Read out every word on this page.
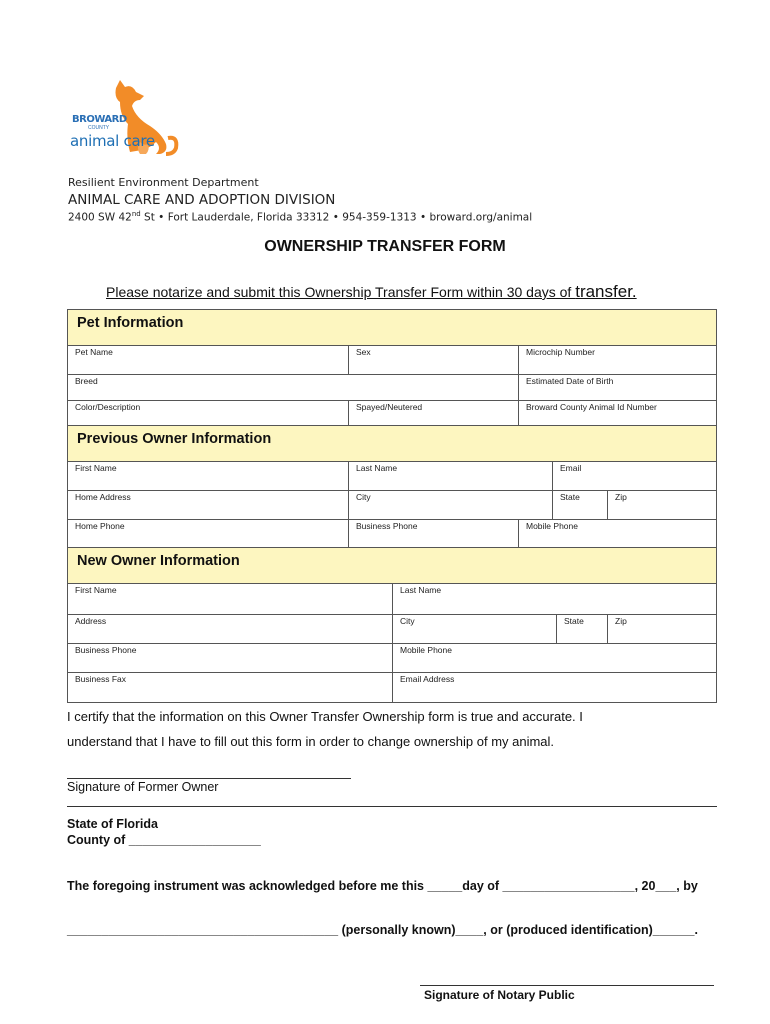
BROWARD
COUNTY
animal care
Resilient Environment Department
ANIMAL CARE AND ADOPTION DIVISION
2400 SW 42nd St • Fort Lauderdale, Florida 33312 • 954-359-1313 • broward.org/animal
OWNERSHIP TRANSFER FORM
Please notarize and submit this Ownership Transfer Form within 30 days of transfer.
Pet Information
Pet Name	Sex	Microchip Number
Breed	Estimated Date of Birth
Color/Description	Spayed/Neutered	Broward County Animal Id Number
Previous Owner Information
First Name	Last Name	Email
Home Address	City	State	Zip
Home Phone	Business Phone	Mobile Phone
New Owner Information
First Name	Last Name
Address	City	State	Zip
Business Phone	Mobile Phone
Business Fax	Email Address
I certify that the information on this Owner Transfer Ownership form is true and accurate. I
understand that I have to fill out this form in order to change ownership of my animal.
Signature of Former Owner
State of Florida
County of ___________________
The foregoing instrument was acknowledged before me this _____day of ___________________, 20___, by
_______________________________________ (personally known)____, or (produced identification)______.
Signature of Notary Public
